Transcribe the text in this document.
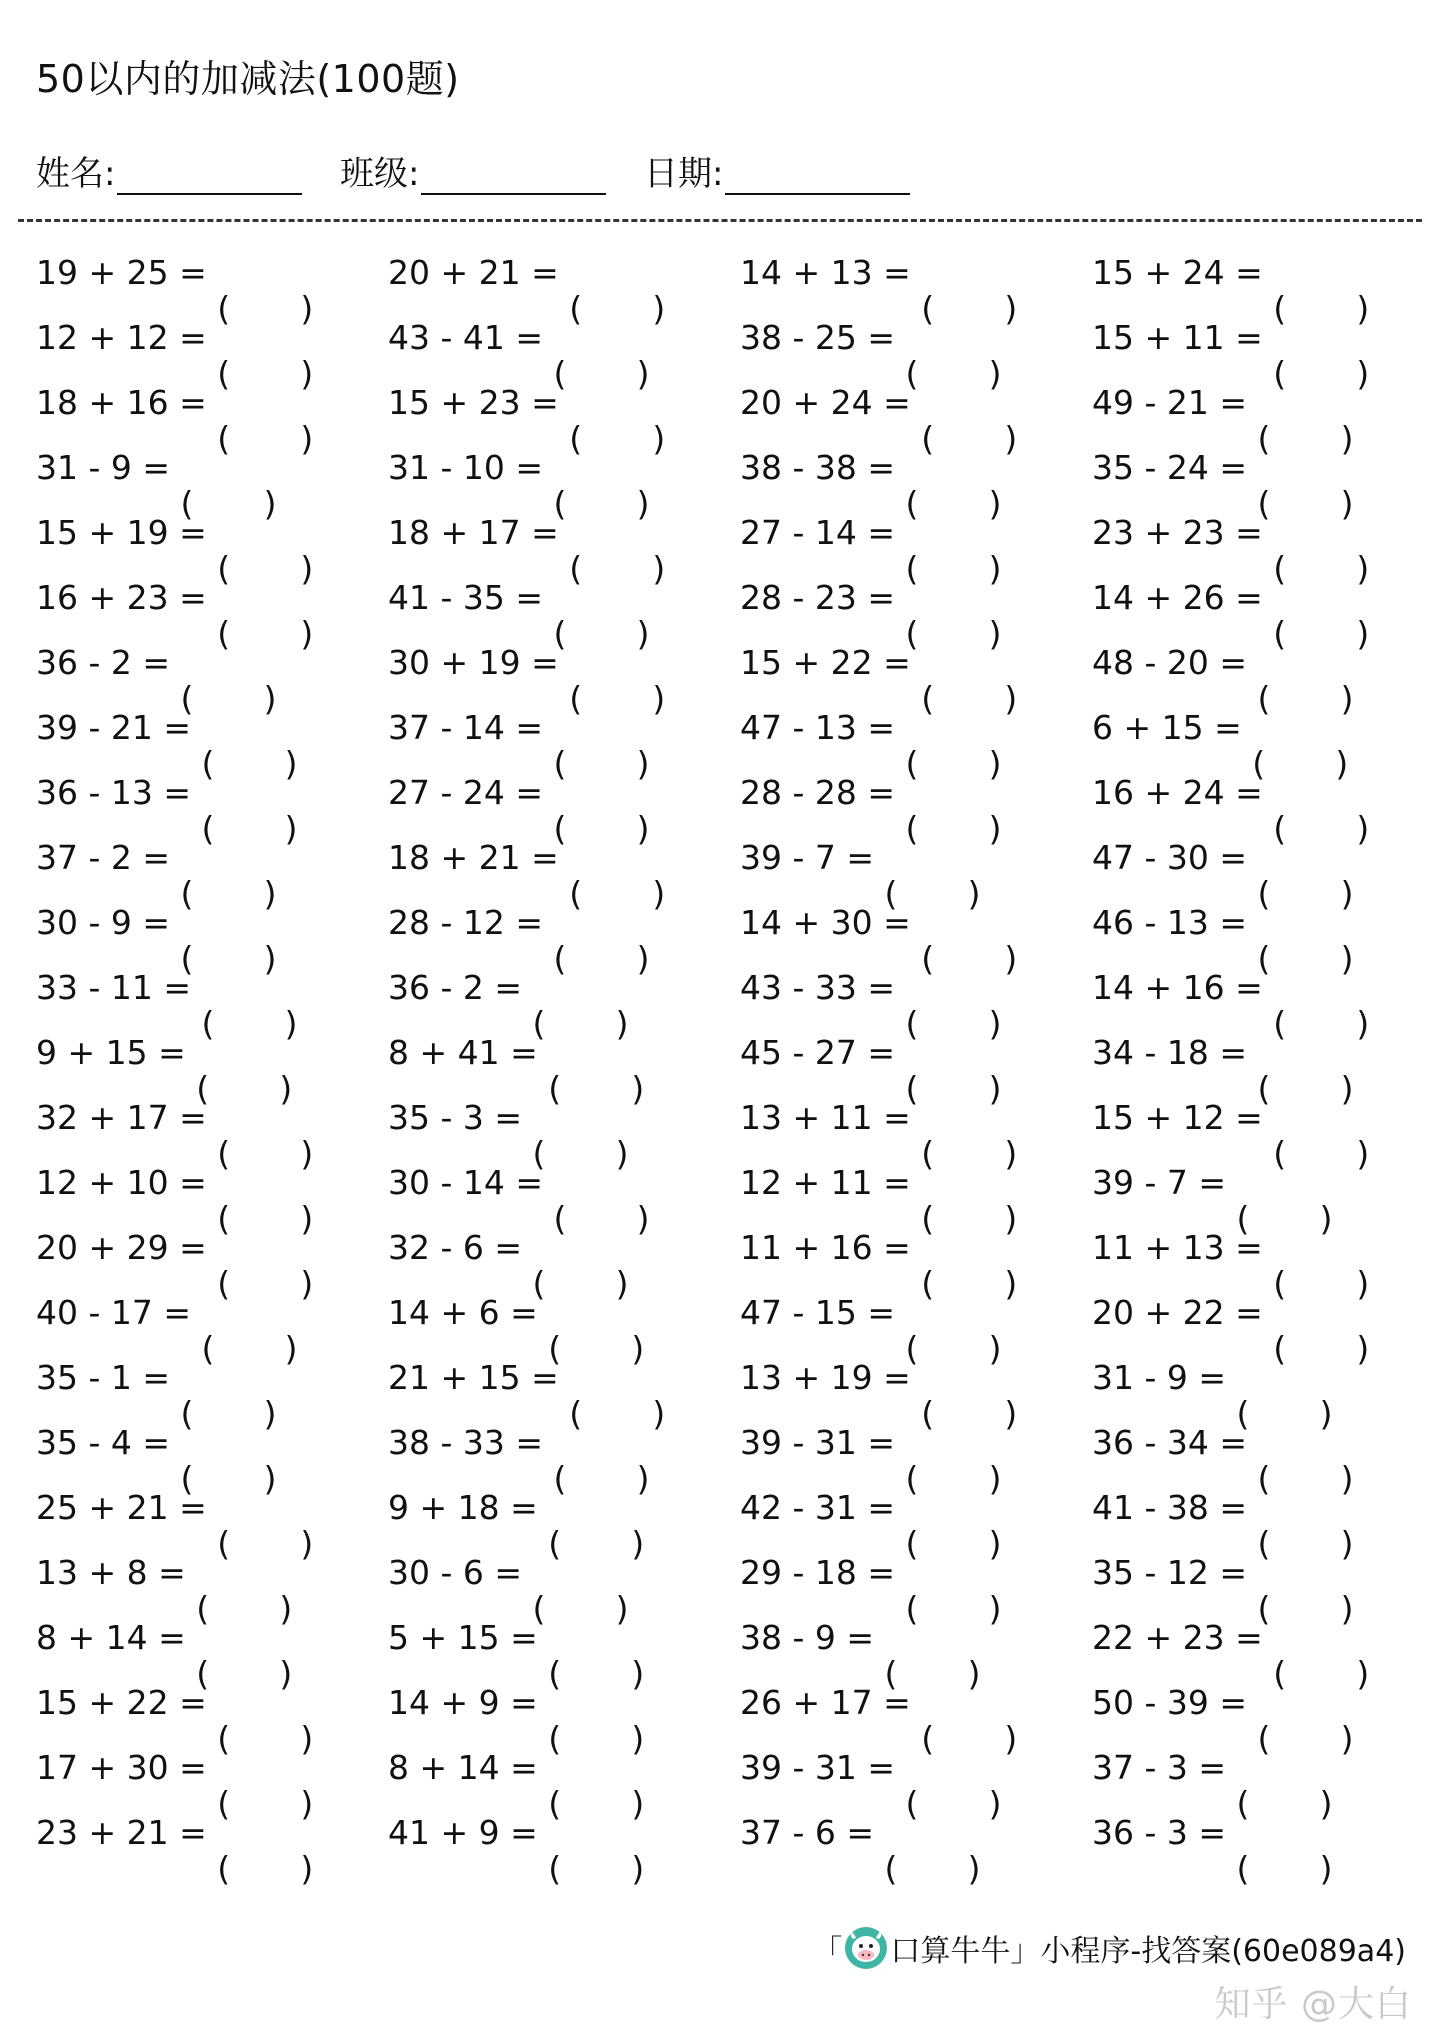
50以内的加减法(100题)
姓名:	班级:	日期:
19 + 25 =
( )
20 + 21 =
( )
14 + 13 =
( )
15 + 24 =
( )
12 + 12 =
( )
43 - 41 =
( )
38 - 25 =
( )
15 + 11 =
( )
18 + 16 =
( )
15 + 23 =
( )
20 + 24 =
( )
49 - 21 =
( )
31 - 9 =
( )
31 - 10 =
( )
38 - 38 =
( )
35 - 24 =
( )
15 + 19 =
( )
18 + 17 =
( )
27 - 14 =
( )
23 + 23 =
( )
16 + 23 =
( )
41 - 35 =
( )
28 - 23 =
( )
14 + 26 =
( )
36 - 2 =
( )
30 + 19 =
( )
15 + 22 =
( )
48 - 20 =
( )
39 - 21 =
( )
37 - 14 =
( )
47 - 13 =
( )
6 + 15 =
( )
36 - 13 =
( )
27 - 24 =
( )
28 - 28 =
( )
16 + 24 =
( )
37 - 2 =
( )
18 + 21 =
( )
39 - 7 =
( )
47 - 30 =
( )
30 - 9 =
( )
28 - 12 =
( )
14 + 30 =
( )
46 - 13 =
( )
33 - 11 =
( )
36 - 2 =
( )
43 - 33 =
( )
14 + 16 =
( )
9 + 15 =
( )
8 + 41 =
( )
45 - 27 =
( )
34 - 18 =
( )
32 + 17 =
( )
35 - 3 =
( )
13 + 11 =
( )
15 + 12 =
( )
12 + 10 =
( )
30 - 14 =
( )
12 + 11 =
( )
39 - 7 =
( )
20 + 29 =
( )
32 - 6 =
( )
11 + 16 =
( )
11 + 13 =
( )
40 - 17 =
( )
14 + 6 =
( )
47 - 15 =
( )
20 + 22 =
( )
35 - 1 =
( )
21 + 15 =
( )
13 + 19 =
( )
31 - 9 =
( )
35 - 4 =
( )
38 - 33 =
( )
39 - 31 =
( )
36 - 34 =
( )
25 + 21 =
( )
9 + 18 =
( )
42 - 31 =
( )
41 - 38 =
( )
13 + 8 =
( )
30 - 6 =
( )
29 - 18 =
( )
35 - 12 =
( )
8 + 14 =
( )
5 + 15 =
( )
38 - 9 =
( )
22 + 23 =
( )
15 + 22 =
( )
14 + 9 =
( )
26 + 17 =
( )
50 - 39 =
( )
17 + 30 =
( )
8 + 14 =
( )
39 - 31 =
( )
37 - 3 =
( )
23 + 21 =
( )
41 + 9 =
( )
37 - 6 =
( )
36 - 3 =
( )
「 口算牛牛 」小程序-找答案(60e089a4)
知乎 @大白
